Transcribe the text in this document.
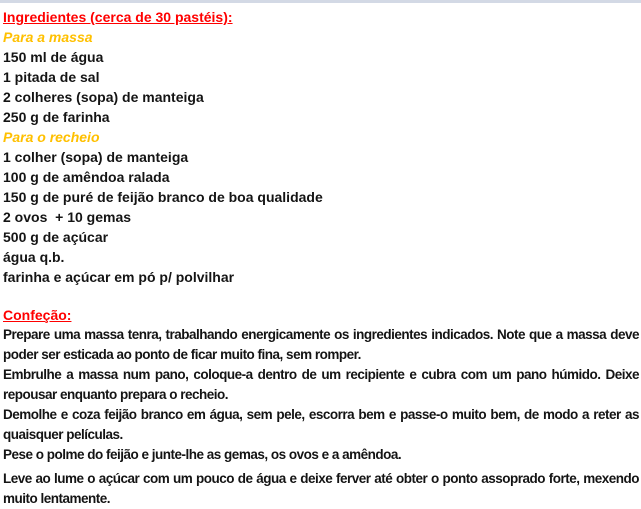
Ingredientes (cerca de 30 pastéis):
Para a massa
150 ml de água
1 pitada de sal
2 colheres (sopa) de manteiga
250 g de farinha
Para o recheio
1 colher (sopa) de manteiga
100 g de amêndoa ralada
150 g de puré de feijão branco de boa qualidade
2 ovos  + 10 gemas
500 g de açúcar
água q.b.
farinha e açúcar em pó p/ polvilhar
Confeção:

Prepare uma massa tenra, trabalhando energicamente os ingredientes indicados. Note que a massa deve poder ser esticada ao ponto de ficar muito fina, sem romper.

Embrulhe a massa num pano, coloque-a dentro de um recipiente e cubra com um pano húmido. Deixe repousar enquanto prepara o recheio.

Demolhe e coza feijão branco em água, sem pele, escorra bem e passe-o muito bem, de modo a reter as quaisquer películas.

Pese o polme do feijão e junte-lhe as gemas, os ovos e a amêndoa.

Leve ao lume o açúcar com um pouco de água e deixe ferver até obter o ponto assoprado forte, mexendo muito lentamente.
